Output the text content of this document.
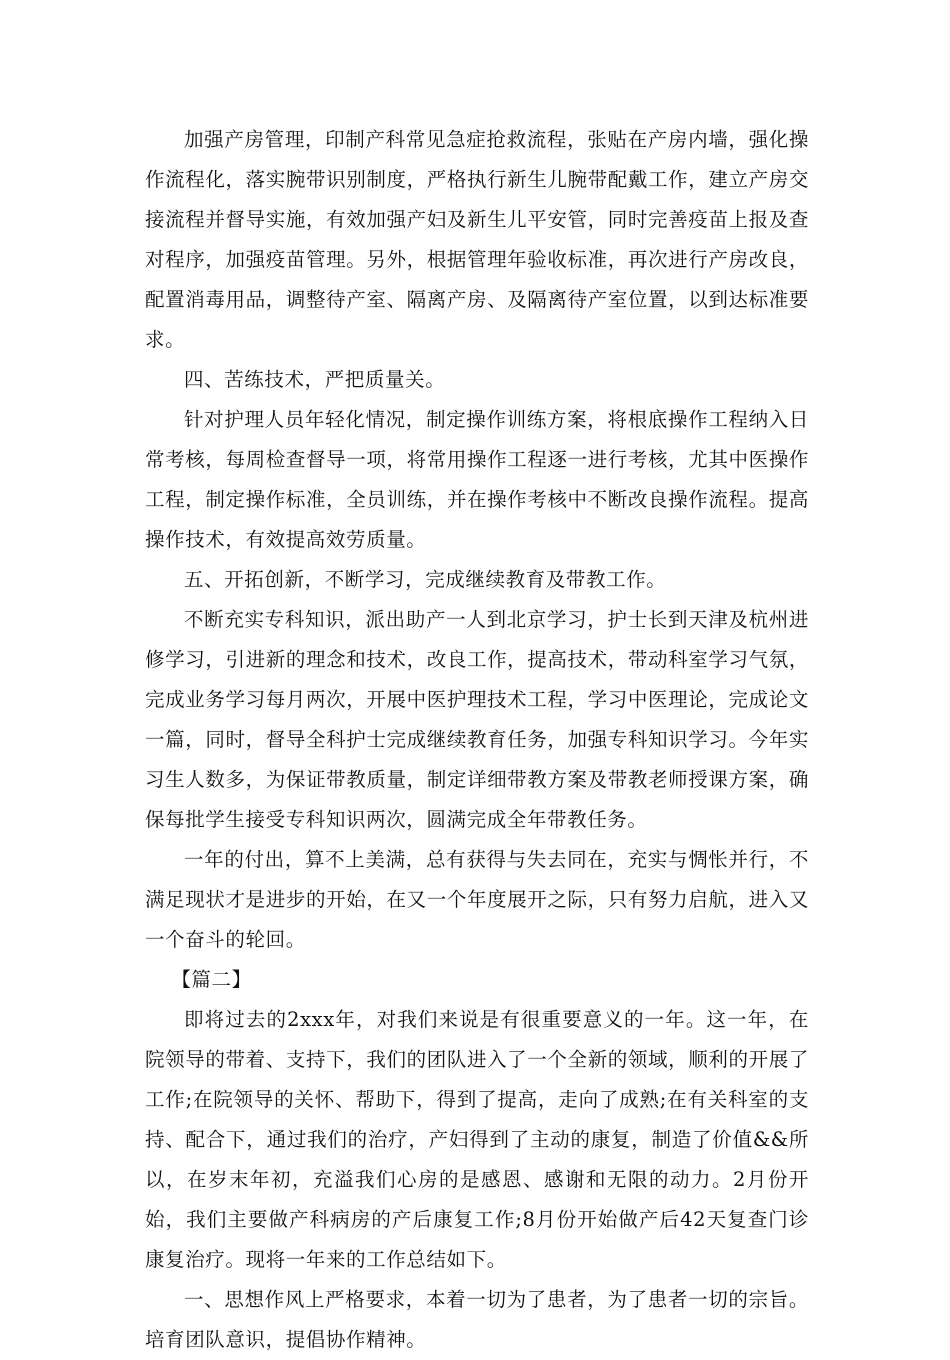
加强产房管理，印制产科常见急症抢救流程，张贴在产房内墙，强化操作流程化，落实腕带识别制度，严格执行新生儿腕带配戴工作，建立产房交接流程并督导实施，有效加强产妇及新生儿平安管，同时完善疫苗上报及查对程序，加强疫苗管理。另外，根据管理年验收标准，再次进行产房改良，配置消毒用品，调整待产室、隔离产房、及隔离待产室位置，以到达标准要求。

四、苦练技术，严把质量关。

针对护理人员年轻化情况，制定操作训练方案，将根底操作工程纳入日常考核，每周检查督导一项，将常用操作工程逐一进行考核，尤其中医操作工程，制定操作标准，全员训练，并在操作考核中不断改良操作流程。提高操作技术，有效提高效劳质量。

五、开拓创新，不断学习，完成继续教育及带教工作。

不断充实专科知识，派出助产一人到北京学习，护士长到天津及杭州进修学习，引进新的理念和技术，改良工作，提高技术，带动科室学习气氛，完成业务学习每月两次，开展中医护理技术工程，学习中医理论，完成论文一篇，同时，督导全科护士完成继续教育任务，加强专科知识学习。今年实习生人数多，为保证带教质量，制定详细带教方案及带教老师授课方案，确保每批学生接受专科知识两次，圆满完成全年带教任务。

一年的付出，算不上美满，总有获得与失去同在，充实与惆怅并行，不满足现状才是进步的开始，在又一个年度展开之际，只有努力启航，进入又一个奋斗的轮回。

【篇二】

即将过去的2xxx年，对我们来说是有很重要意义的一年。这一年，在院领导的带着、支持下，我们的团队进入了一个全新的领域，顺利的开展了工作;在院领导的关怀、帮助下，得到了提高，走向了成熟;在有关科室的支持、配合下，通过我们的治疗，产妇得到了主动的康复，制造了价值&&所以，在岁末年初，充溢我们心房的是感恩、感谢和无限的动力。2月份开始，我们主要做产科病房的产后康复工作;8月份开始做产后42天复查门诊康复治疗。现将一年来的工作总结如下。

一、思想作风上严格要求，本着一切为了患者，为了患者一切的宗旨。培育团队意识，提倡协作精神。
